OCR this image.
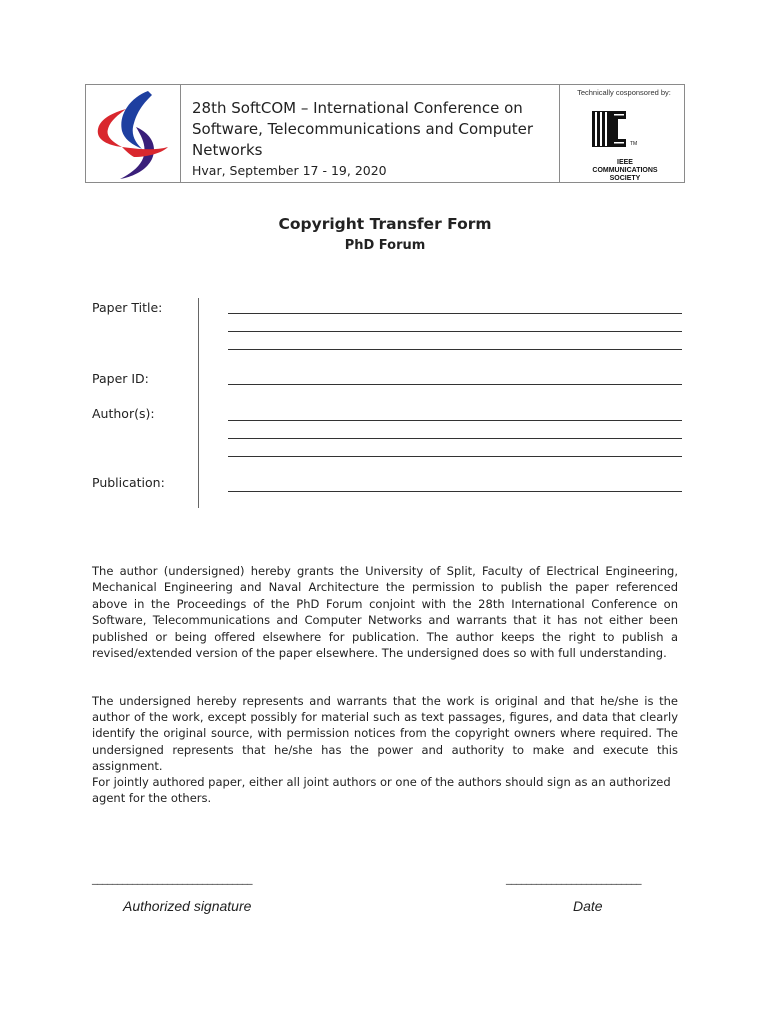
28th SoftCOM – International Conference on Software, Telecommunications and Computer Networks
Hvar, September 17 - 19, 2020
Technically cosponsored by:
TM
IEEE
COMMUNICATIONS
SOCIETY
Copyright Transfer Form
PhD Forum
Paper Title:
Paper ID:
Author(s):
Publication:

The author (undersigned) hereby grants the University of Split, Faculty of Electrical Engineering, Mechanical Engineering and Naval Architecture the permission to publish the paper referenced above in the Proceedings of the PhD Forum conjoint with the 28th International Conference on Software, Telecommunications and Computer Networks and warrants that it has not either been published or being offered elsewhere for publication. The author keeps the right to publish a revised/extended version of the paper elsewhere. The undersigned does so with full understanding.

The undersigned hereby represents and warrants that the work is original and that he/she is the author of the work, except possibly for material such as text passages, figures, and data that clearly identify the original source, with permission notices from the copyright owners where required. The undersigned represents that he/she has the power and authority to make and execute this assignment.
For jointly authored paper, either all joint authors or one of the authors should sign as an authorized agent for the others.
________________________________	___________________________
Authorized signature	Date
